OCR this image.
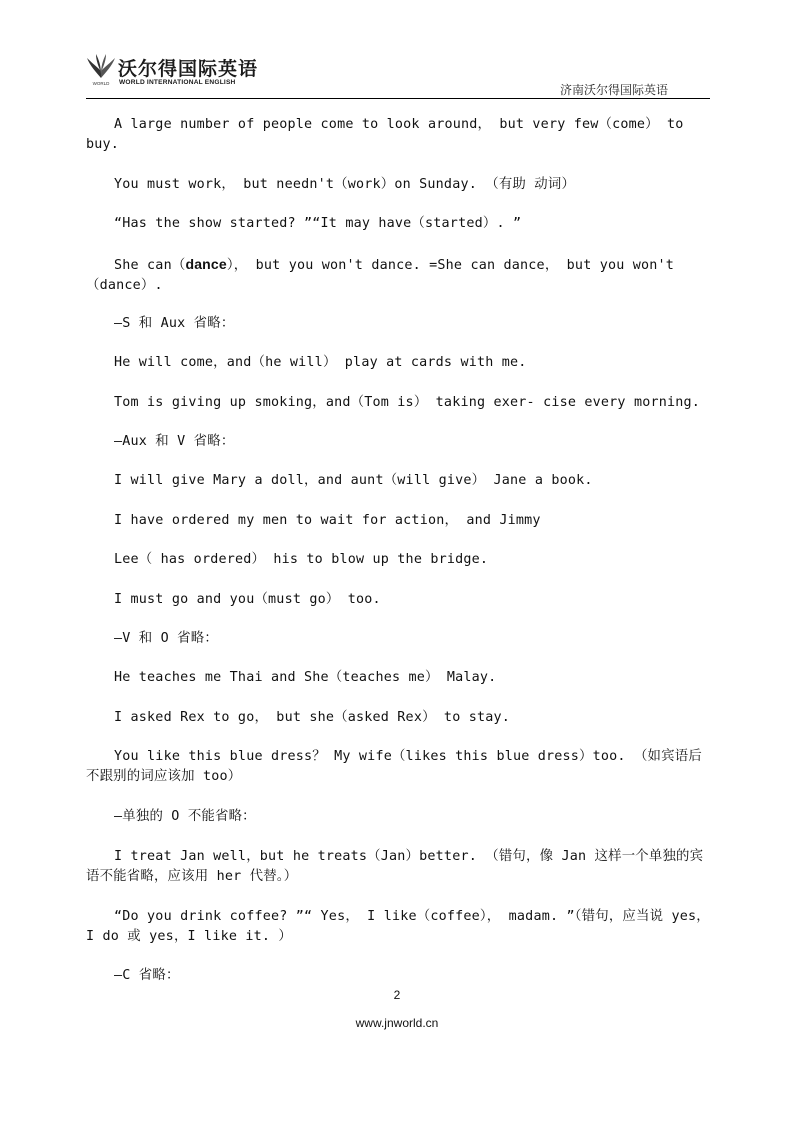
WORLD
沃尔得国际英语
WORLD INTERNATIONAL ENGLISH
济南沃尔得国际英语

A large number of people come to look around， but very few（come） to buy.

You must work， but needn't（work）on Sunday. （有助 动词）

“Has the show started? ”“It may have（started）. ”

She can（dance）， but you won't dance. =She can dance， but you won't（dance）.

—S 和 Aux 省略：

He will come，and（he will） play at cards with me.

Tom is giving up smoking，and（Tom is） taking exer- cise every morning.

—Aux 和 V 省略：

I will give Mary a doll，and aunt（will give） Jane a book.

I have ordered my men to wait for action， and Jimmy

Lee（ has ordered） his to blow up the bridge.

I must go and you（must go） too.

—V 和 O 省略：

He teaches me Thai and She（teaches me） Malay.

I asked Rex to go， but she（asked Rex） to stay.

You like this blue dress？ My wife（likes this blue dress）too. （如宾语后不跟别的词应该加 too）

—单独的 O 不能省略：

I treat Jan well，but he treats（Jan）better. （错句，像 Jan 这样一个单独的宾语不能省略，应该用 her 代替。）

“Do you drink coffee? ”“ Yes， I like（coffee）， madam. ”（错句，应当说 yes，I do 或 yes，I like it. ）

—C 省略：

2
www.jnworld.cn
